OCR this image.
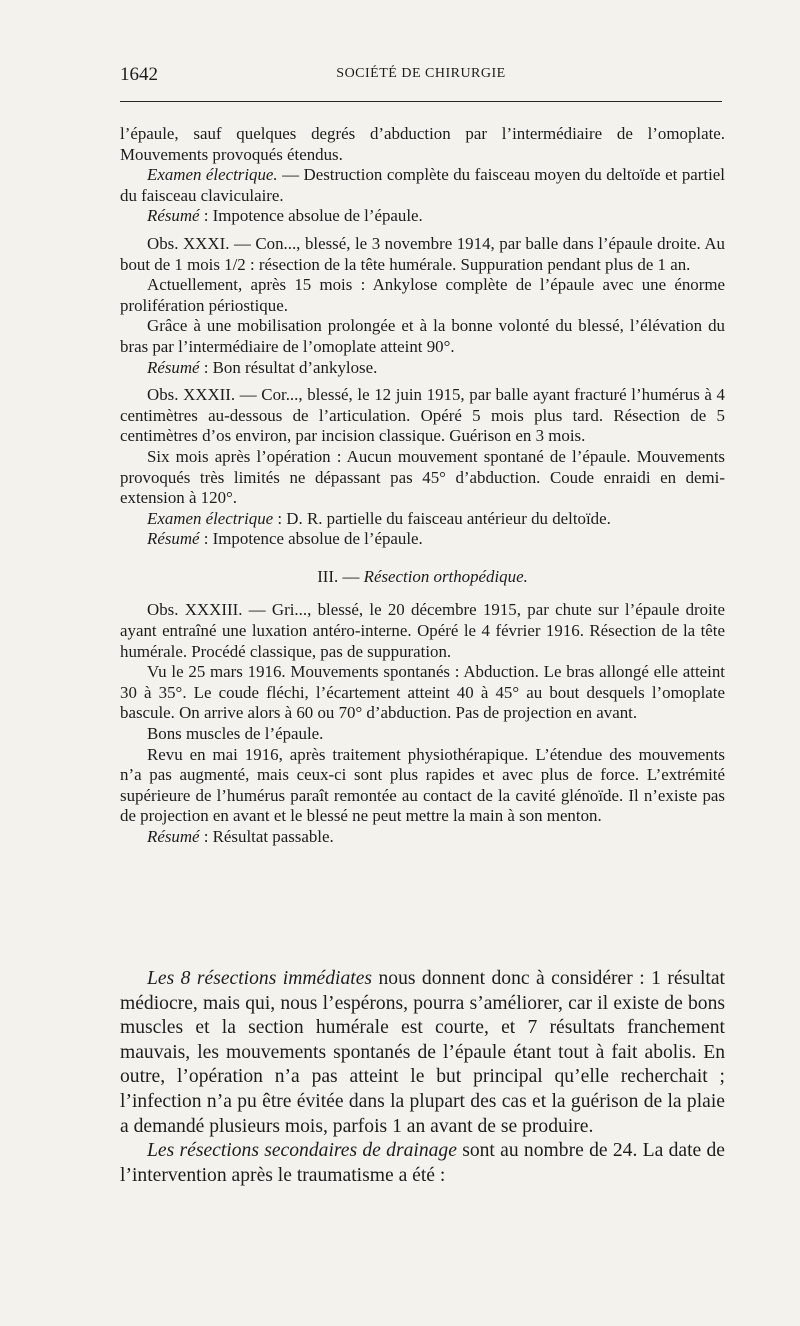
1642	SOCIÉTÉ DE CHIRURGIE

l’épaule, sauf quelques degrés d’abduction par l’intermédiaire de l’omoplate. Mouvements provoqués étendus.

Examen électrique. — Destruction complète du faisceau moyen du deltoïde et partiel du faisceau claviculaire.

Résumé : Impotence absolue de l’épaule.

Obs. XXXI. — Con..., blessé, le 3 novembre 1914, par balle dans l’épaule droite. Au bout de 1 mois 1/2 : résection de la tête humérale. Suppuration pendant plus de 1 an.

Actuellement, après 15 mois : Ankylose complète de l’épaule avec une énorme prolifération périostique.

Grâce à une mobilisation prolongée et à la bonne volonté du blessé, l’élévation du bras par l’intermédiaire de l’omoplate atteint 90°.

Résumé : Bon résultat d’ankylose.

Obs. XXXII. — Cor..., blessé, le 12 juin 1915, par balle ayant fracturé l’humérus à 4 centimètres au-dessous de l’articulation. Opéré 5 mois plus tard. Résection de 5 centimètres d’os environ, par incision classique. Guérison en 3 mois.

Six mois après l’opération : Aucun mouvement spontané de l’épaule. Mouvements provoqués très limités ne dépassant pas 45° d’abduction. Coude enraidi en demi-extension à 120°.

Examen électrique : D. R. partielle du faisceau antérieur du deltoïde.

Résumé : Impotence absolue de l’épaule.

III. — Résection orthopédique.

Obs. XXXIII. — Gri..., blessé, le 20 décembre 1915, par chute sur l’épaule droite ayant entraîné une luxation antéro-interne. Opéré le 4 février 1916. Résection de la tête humérale. Procédé classique, pas de suppuration.

Vu le 25 mars 1916. Mouvements spontanés : Abduction. Le bras allongé elle atteint 30 à 35°. Le coude fléchi, l’écartement atteint 40 à 45° au bout desquels l’omoplate bascule. On arrive alors à 60 ou 70° d’abduction. Pas de projection en avant.

Bons muscles de l’épaule.

Revu en mai 1916, après traitement physiothérapique. L’étendue des mouvements n’a pas augmenté, mais ceux-ci sont plus rapides et avec plus de force. L’extrémité supérieure de l’humérus paraît remontée au contact de la cavité glénoïde. Il n’existe pas de projection en avant et le blessé ne peut mettre la main à son menton.

Résumé : Résultat passable.

Les 8 résections immédiates nous donnent donc à considérer : 1 résultat médiocre, mais qui, nous l’espérons, pourra s’améliorer, car il existe de bons muscles et la section humérale est courte, et 7 résultats franchement mauvais, les mouvements spontanés de l’épaule étant tout à fait abolis. En outre, l’opération n’a pas atteint le but principal qu’elle recherchait ; l’infection n’a pu être évitée dans la plupart des cas et la guérison de la plaie a demandé plusieurs mois, parfois 1 an avant de se produire.

Les résections secondaires de drainage sont au nombre de 24. La date de l’intervention après le traumatisme a été :
